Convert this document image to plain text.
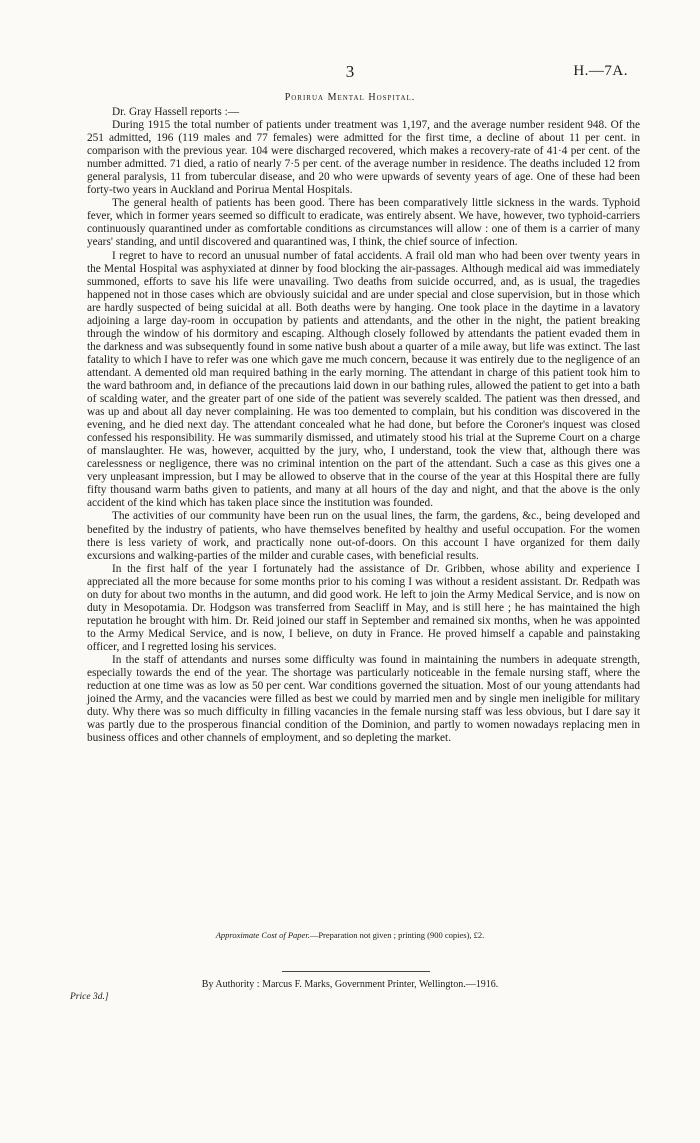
3	H.—7A.
Porirua Mental Hospital.

Dr. Gray Hassell reports :—

During 1915 the total number of patients under treatment was 1,197, and the average number resident 948. Of the 251 admitted, 196 (119 males and 77 females) were admitted for the first time, a decline of about 11 per cent. in comparison with the previous year. 104 were discharged recovered, which makes a recovery-rate of 41·4 per cent. of the number admitted. 71 died, a ratio of nearly 7·5 per cent. of the average number in residence. The deaths included 12 from general paralysis, 11 from tubercular disease, and 20 who were upwards of seventy years of age. One of these had been forty-two years in Auckland and Porirua Mental Hospitals.

The general health of patients has been good. There has been comparatively little sickness in the wards. Typhoid fever, which in former years seemed so difficult to eradicate, was entirely absent. We have, however, two typhoid-carriers continuously quarantined under as comfortable conditions as circumstances will allow : one of them is a carrier of many years' standing, and until discovered and quarantined was, I think, the chief source of infection.

I regret to have to record an unusual number of fatal accidents. A frail old man who had been over twenty years in the Mental Hospital was asphyxiated at dinner by food blocking the air-passages. Although medical aid was immediately summoned, efforts to save his life were unavailing. Two deaths from suicide occurred, and, as is usual, the tragedies happened not in those cases which are obviously suicidal and are under special and close supervision, but in those which are hardly suspected of being suicidal at all. Both deaths were by hanging. One took place in the daytime in a lavatory adjoining a large day-room in occupation by patients and attendants, and the other in the night, the patient breaking through the window of his dormitory and escaping. Although closely followed by attendants the patient evaded them in the darkness and was subsequently found in some native bush about a quarter of a mile away, but life was extinct. The last fatality to which I have to refer was one which gave me much concern, because it was entirely due to the negligence of an attendant. A demented old man required bathing in the early morning. The attendant in charge of this patient took him to the ward bathroom and, in defiance of the precautions laid down in our bathing rules, allowed the patient to get into a bath of scalding water, and the greater part of one side of the patient was severely scalded. The patient was then dressed, and was up and about all day never complaining. He was too demented to complain, but his condition was discovered in the evening, and he died next day. The attendant concealed what he had done, but before the Coroner's inquest was closed confessed his responsibility. He was summarily dismissed, and utimately stood his trial at the Supreme Court on a charge of manslaughter. He was, however, acquitted by the jury, who, I understand, took the view that, although there was carelessness or negligence, there was no criminal intention on the part of the attendant. Such a case as this gives one a very unpleasant impression, but I may be allowed to observe that in the course of the year at this Hospital there are fully fifty thousand warm baths given to patients, and many at all hours of the day and night, and that the above is the only accident of the kind which has taken place since the institution was founded.

The activities of our community have been run on the usual lines, the farm, the gardens, &c., being developed and benefited by the industry of patients, who have themselves benefited by healthy and useful occupation. For the women there is less variety of work, and practically none out-of-doors. On this account I have organized for them daily excursions and walking-parties of the milder and curable cases, with beneficial results.

In the first half of the year I fortunately had the assistance of Dr. Gribben, whose ability and experience I appreciated all the more because for some months prior to his coming I was without a resident assistant. Dr. Redpath was on duty for about two months in the autumn, and did good work. He left to join the Army Medical Service, and is now on duty in Mesopotamia. Dr. Hodgson was transferred from Seacliff in May, and is still here ; he has maintained the high reputation he brought with him. Dr. Reid joined our staff in September and remained six months, when he was appointed to the Army Medical Service, and is now, I believe, on duty in France. He proved himself a capable and painstaking officer, and I regretted losing his services.

In the staff of attendants and nurses some difficulty was found in maintaining the numbers in adequate strength, especially towards the end of the year. The shortage was particularly noticeable in the female nursing staff, where the reduction at one time was as low as 50 per cent. War conditions governed the situation. Most of our young attendants had joined the Army, and the vacancies were filled as best we could by married men and by single men ineligible for military duty. Why there was so much difficulty in filling vacancies in the female nursing staff was less obvious, but I dare say it was partly due to the prosperous financial condition of the Dominion, and partly to women nowadays replacing men in business offices and other channels of employment, and so depleting the market.

Approximate Cost of Paper.—Preparation not given ; printing (900 copies), £2.
By Authority : Marcus F. Marks, Government Printer, Wellington.—1916.
Price 3d.]
